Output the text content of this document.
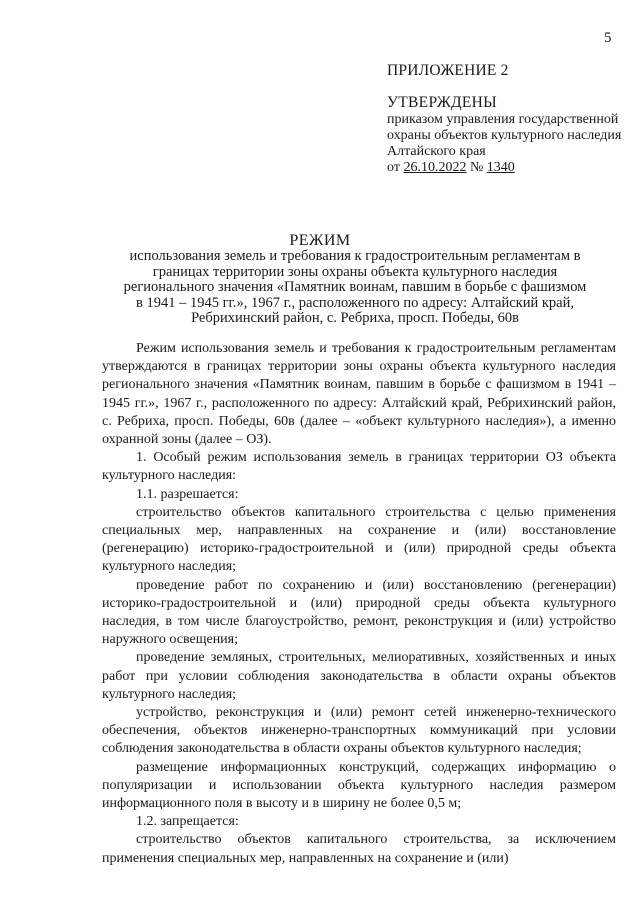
5
ПРИЛОЖЕНИЕ 2
УТВЕРЖДЕНЫ
приказом управления государственной охраны объектов культурного наследия Алтайского края
от 26.10.2022 № 1340
РЕЖИМ
использования земель и требования к градостроительным регламентам в границах территории зоны охраны объекта культурного наследия регионального значения «Памятник воинам, павшим в борьбе с фашизмом в 1941 – 1945 гг.», 1967 г., расположенного по адресу: Алтайский край, Ребрихинский район, с. Ребриха, просп. Победы, 60в

Режим использования земель и требования к градостроительным регламентам утверждаются в границах территории зоны охраны объекта культурного наследия регионального значения «Памятник воинам, павшим в борьбе с фашизмом в 1941 – 1945 гг.», 1967 г., расположенного по адресу: Алтайский край, Ребрихинский район, с. Ребриха, просп. Победы, 60в (далее – «объект культурного наследия»), а именно охранной зоны (далее – ОЗ).

1. Особый режим использования земель в границах территории ОЗ объекта культурного наследия:

1.1. разрешается:

строительство объектов капитального строительства с целью применения специальных мер, направленных на сохранение и (или) восстановление (регенерацию) историко-градостроительной и (или) природной среды объекта культурного наследия;

проведение работ по сохранению и (или) восстановлению (регенерации) историко-градостроительной и (или) природной среды объекта культурного наследия, в том числе благоустройство, ремонт, реконструкция и (или) устройство наружного освещения;

проведение земляных, строительных, мелиоративных, хозяйственных и иных работ при условии соблюдения законодательства в области охраны объектов культурного наследия;

устройство, реконструкция и (или) ремонт сетей инженерно-технического обеспечения, объектов инженерно-транспортных коммуникаций при условии соблюдения законодательства в области охраны объектов культурного наследия;

размещение информационных конструкций, содержащих информацию о популяризации и использовании объекта культурного наследия размером информационного поля в высоту и в ширину не более 0,5 м;

1.2. запрещается:

строительство объектов капитального строительства, за исключением применения специальных мер, направленных на сохранение и (или)
